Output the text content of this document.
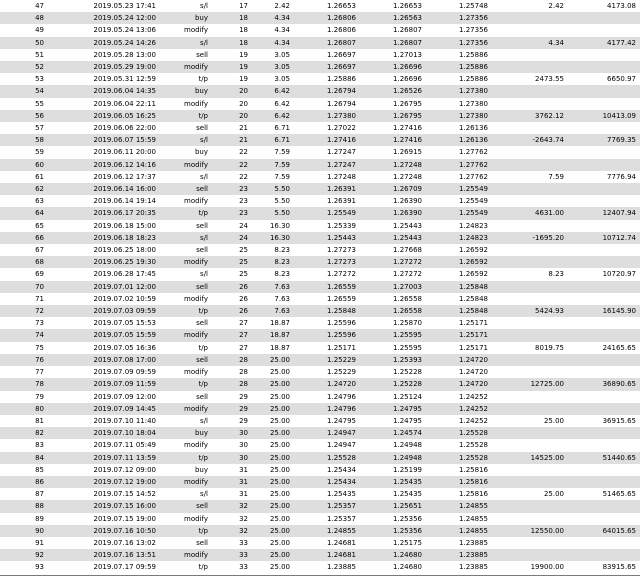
47	2019.05.23 17:41	s/l	17	2.42	1.26653	1.26653	1.25748	2.42	4173.08
48	2019.05.24 12:00	buy	18	4.34	1.26806	1.26563	1.27356		
49	2019.05.24 13:06	modify	18	4.34	1.26806	1.26807	1.27356		
50	2019.05.24 14:26	s/l	18	4.34	1.26807	1.26807	1.27356	4.34	4177.42
51	2019.05.28 13:00	sell	19	3.05	1.26697	1.27013	1.25886		
52	2019.05.29 19:00	modify	19	3.05	1.26697	1.26696	1.25886		
53	2019.05.31 12:59	t/p	19	3.05	1.25886	1.26696	1.25886	2473.55	6650.97
54	2019.06.04 14:35	buy	20	6.42	1.26794	1.26526	1.27380		
55	2019.06.04 22:11	modify	20	6.42	1.26794	1.26795	1.27380		
56	2019.06.05 16:25	t/p	20	6.42	1.27380	1.26795	1.27380	3762.12	10413.09
57	2019.06.06 22:00	sell	21	6.71	1.27022	1.27416	1.26136		
58	2019.06.07 15:59	s/l	21	6.71	1.27416	1.27416	1.26136	-2643.74	7769.35
59	2019.06.11 20:00	buy	22	7.59	1.27247	1.26915	1.27762		
60	2019.06.12 14:16	modify	22	7.59	1.27247	1.27248	1.27762		
61	2019.06.12 17:37	s/l	22	7.59	1.27248	1.27248	1.27762	7.59	7776.94
62	2019.06.14 16:00	sell	23	5.50	1.26391	1.26709	1.25549		
63	2019.06.14 19:14	modify	23	5.50	1.26391	1.26390	1.25549		
64	2019.06.17 20:35	t/p	23	5.50	1.25549	1.26390	1.25549	4631.00	12407.94
65	2019.06.18 15:00	sell	24	16.30	1.25339	1.25443	1.24823		
66	2019.06.18 18:23	s/l	24	16.30	1.25443	1.25443	1.24823	-1695.20	10712.74
67	2019.06.25 18:00	sell	25	8.23	1.27273	1.27668	1.26592		
68	2019.06.25 19:30	modify	25	8.23	1.27273	1.27272	1.26592		
69	2019.06.28 17:45	s/l	25	8.23	1.27272	1.27272	1.26592	8.23	10720.97
70	2019.07.01 12:00	sell	26	7.63	1.26559	1.27003	1.25848		
71	2019.07.02 10:59	modify	26	7.63	1.26559	1.26558	1.25848		
72	2019.07.03 09:59	t/p	26	7.63	1.25848	1.26558	1.25848	5424.93	16145.90
73	2019.07.05 15:53	sell	27	18.87	1.25596	1.25870	1.25171		
74	2019.07.05 15:59	modify	27	18.87	1.25596	1.25595	1.25171		
75	2019.07.05 16:36	t/p	27	18.87	1.25171	1.25595	1.25171	8019.75	24165.65
76	2019.07.08 17:00	sell	28	25.00	1.25229	1.25393	1.24720		
77	2019.07.09 09:59	modify	28	25.00	1.25229	1.25228	1.24720		
78	2019.07.09 11:59	t/p	28	25.00	1.24720	1.25228	1.24720	12725.00	36890.65
79	2019.07.09 12:00	sell	29	25.00	1.24796	1.25124	1.24252		
80	2019.07.09 14:45	modify	29	25.00	1.24796	1.24795	1.24252		
81	2019.07.10 11:40	s/l	29	25.00	1.24795	1.24795	1.24252	25.00	36915.65
82	2019.07.10 18:04	buy	30	25.00	1.24947	1.24574	1.25528		
83	2019.07.11 05:49	modify	30	25.00	1.24947	1.24948	1.25528		
84	2019.07.11 13:59	t/p	30	25.00	1.25528	1.24948	1.25528	14525.00	51440.65
85	2019.07.12 09:00	buy	31	25.00	1.25434	1.25199	1.25816		
86	2019.07.12 19:00	modify	31	25.00	1.25434	1.25435	1.25816		
87	2019.07.15 14:52	s/l	31	25.00	1.25435	1.25435	1.25816	25.00	51465.65
88	2019.07.15 16:00	sell	32	25.00	1.25357	1.25651	1.24855		
89	2019.07.15 19:00	modify	32	25.00	1.25357	1.25356	1.24855		
90	2019.07.16 10:50	t/p	32	25.00	1.24855	1.25356	1.24855	12550.00	64015.65
91	2019.07.16 13:02	sell	33	25.00	1.24681	1.25175	1.23885		
92	2019.07.16 13:51	modify	33	25.00	1.24681	1.24680	1.23885		
93	2019.07.17 09:59	t/p	33	25.00	1.23885	1.24680	1.23885	19900.00	83915.65
